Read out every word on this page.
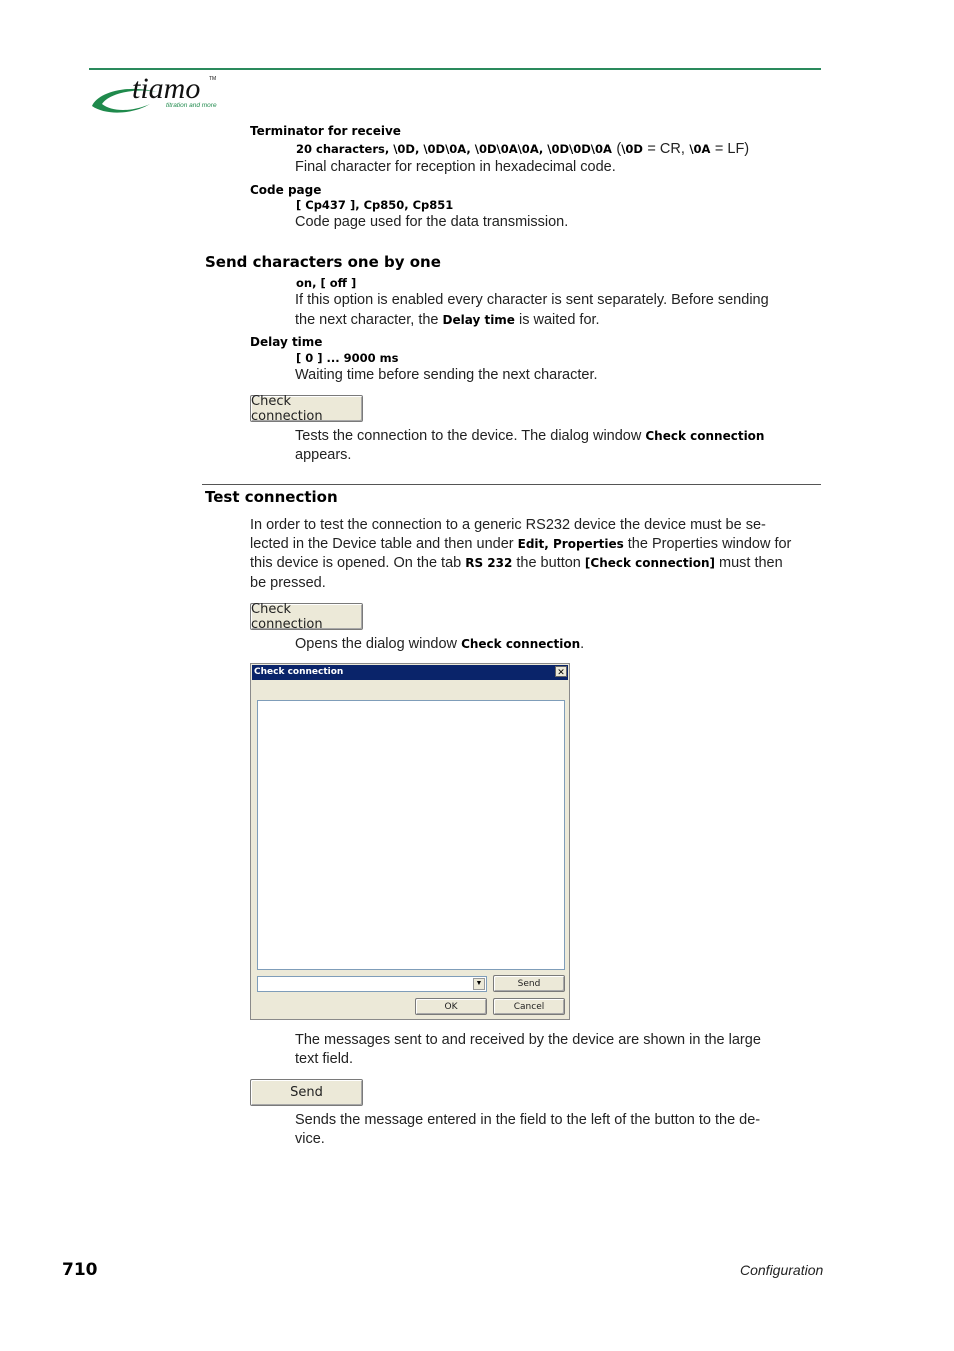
tiamo TM
titration and more
Terminator for receive
20 characters, \0D, \0D\0A, \0D\0A\0A, \0D\0D\0A (\0D = CR, \0A = LF)
Final character for reception in hexadecimal code.
Code page
[ Cp437 ], Cp850, Cp851
Code page used for the data transmission.
Send characters one by one
on, [ off ]
If this option is enabled every character is sent separately. Before sending
the next character, the Delay time is waited for.
Delay time
[ 0 ] ... 9000 ms
Waiting time before sending the next character.
Check connection
Tests the connection to the device. The dialog window Check connection
appears.
Test connection
In order to test the connection to a generic RS232 device the device must be se-
lected in the Device table and then under Edit, Properties the Properties window for
this device is opened. On the tab RS 232 the button [Check connection] must then
be pressed.
Check connection
Opens the dialog window Check connection.
Check connection	✕
▼	Send
OK	Cancel
The messages sent to and received by the device are shown in the large
text field.
Send
Sends the message entered in the field to the left of the button to the de-
vice.
710	Configuration
